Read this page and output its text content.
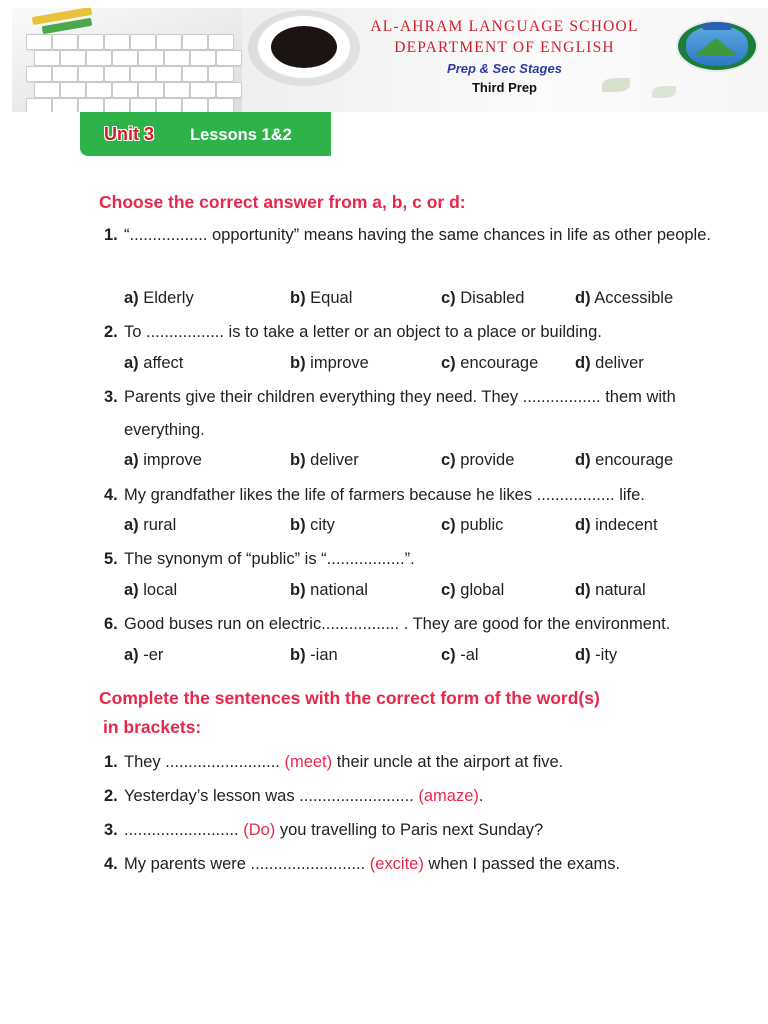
AL-AHRAM LANGUAGE SCHOOL
DEPARTMENT OF ENGLISH
Prep & Sec Stages
Third Prep
Unit 3 Lessons 1&2
Choose the correct answer from a, b, c or d:
1. “................. opportunity” means having the same chances in life as other people.
a) Elderly	b) Equal	c) Disabled	d) Accessible
2. To ................. is to take a letter or an object to a place or building.
a) affect	b) improve	c) encourage d) deliver
3. Parents give their children everything they need. They ................. them with everything.
a) improve	b) deliver	c) provide	d) encourage
4. My grandfather likes the life of farmers because he likes ................. life.
a) rural	b) city	c) public	d) indecent
5. The synonym of “public” is “.................”.
a) local	b) national	c) global	d) natural
6. Good buses run on electric................. . They are good for the environment.
a) -er	b) -ian	c) -al	d) -ity
Complete the sentences with the correct form of the word(s)
in brackets:
1. They ......................... (meet) their uncle at the airport at five.
2. Yesterday’s lesson was ......................... (amaze).
3. ......................... (Do) you travelling to Paris next Sunday?
4. My parents were ......................... (excite) when I passed the exams.
